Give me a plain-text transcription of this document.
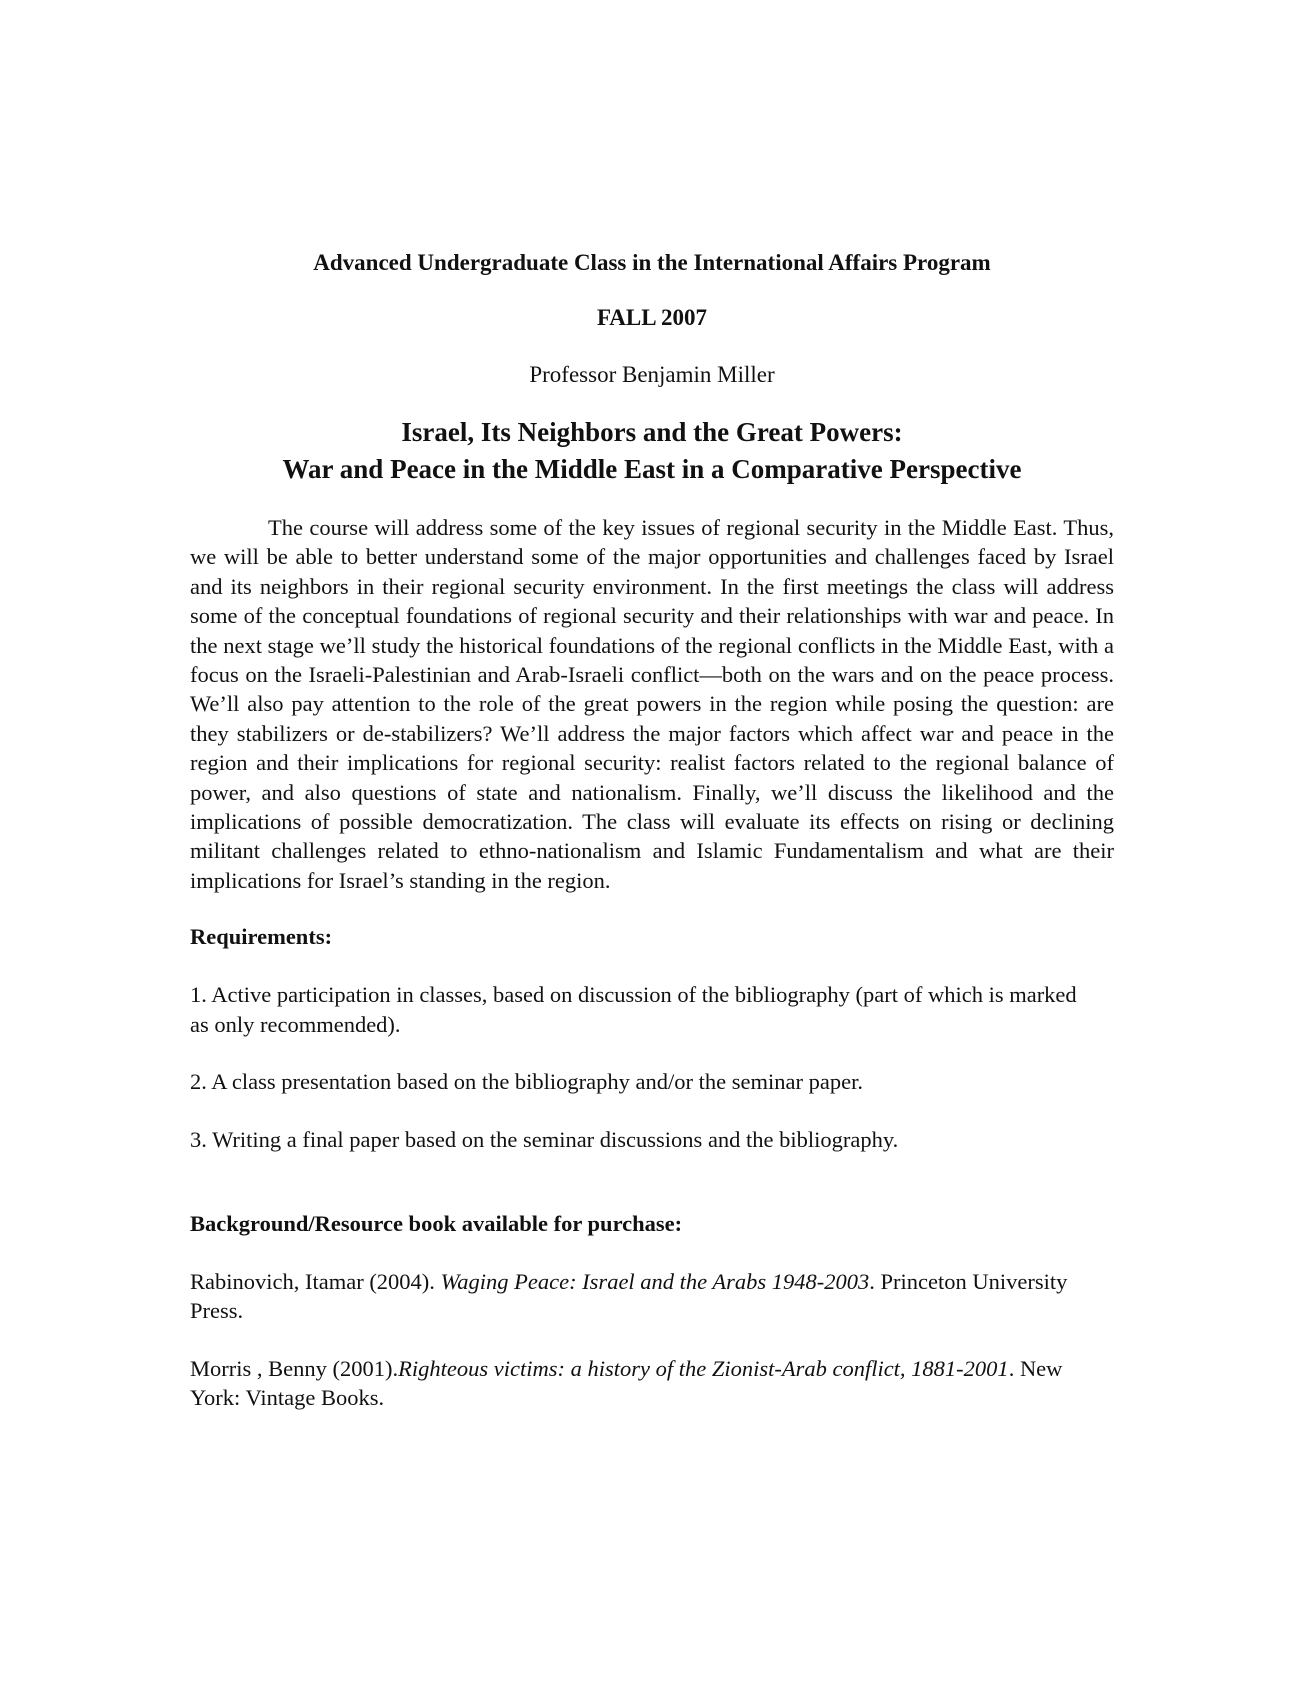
Advanced Undergraduate Class in the International Affairs Program

FALL 2007

Professor Benjamin Miller

Israel, Its Neighbors and the Great Powers:
War and Peace in the Middle East in a Comparative Perspective

The course will address some of the key issues of regional security in the Middle East. Thus, we will be able to better understand some of the major opportunities and challenges faced by Israel and its neighbors in their regional security environment. In the first meetings the class will address some of the conceptual foundations of regional security and their relationships with war and peace. In the next stage we’ll study the historical foundations of the regional conflicts in the Middle East, with a focus on the Israeli-Palestinian and Arab-Israeli conflict—both on the wars and on the peace process. We’ll also pay attention to the role of the great powers in the region while posing the question: are they stabilizers or de-stabilizers? We’ll address the major factors which affect war and peace in the region and their implications for regional security: realist factors related to the regional balance of power, and also questions of state and nationalism. Finally, we’ll discuss the likelihood and the implications of possible democratization. The class will evaluate its effects on rising or declining militant challenges related to ethno-nationalism and Islamic Fundamentalism and what are their implications for Israel’s standing in the region.

Requirements:
1. Active participation in classes, based on discussion of the bibliography (part of which is marked as only recommended).
2. A class presentation based on the bibliography and/or the seminar paper.
3. Writing a final paper based on the seminar discussions and the bibliography.
Background/Resource book available for purchase:

Rabinovich, Itamar (2004). Waging Peace: Israel and the Arabs 1948-2003. Princeton University Press.

Morris , Benny (2001).Righteous victims: a history of the Zionist-Arab conflict, 1881-2001. New York: Vintage Books.
